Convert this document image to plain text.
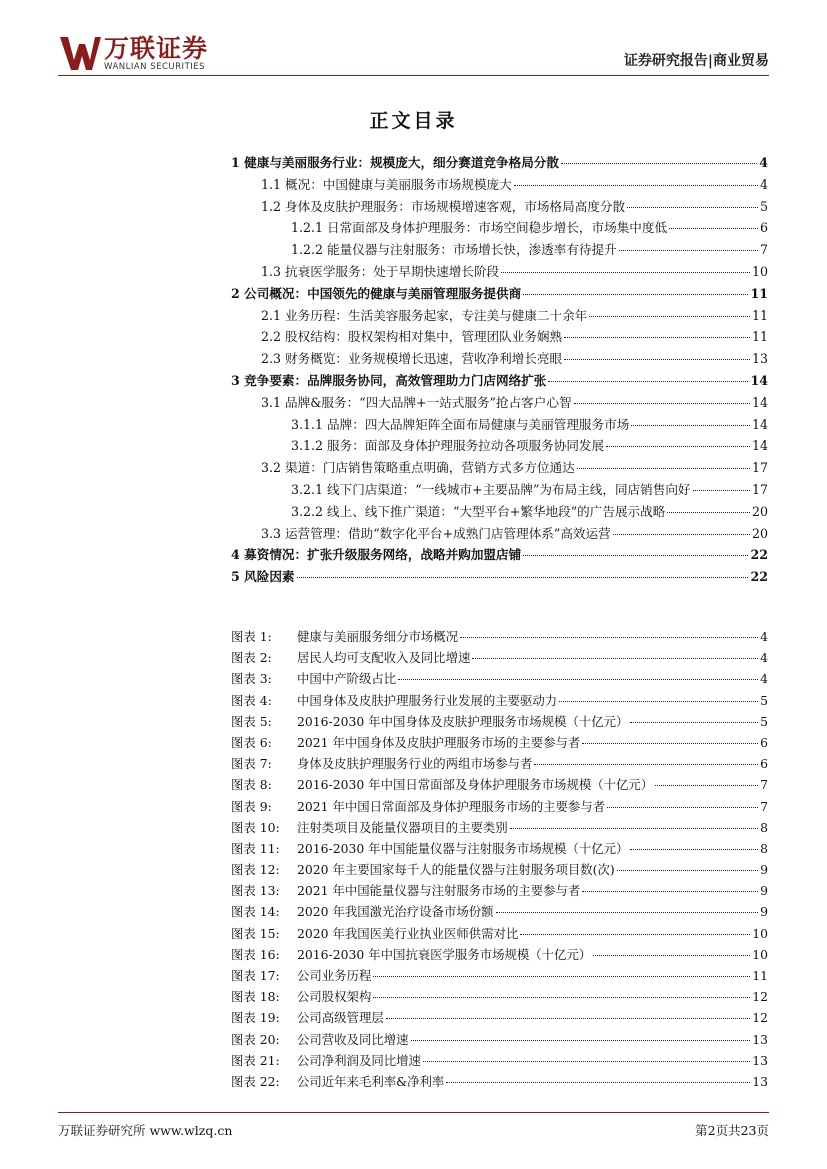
万联证券
WANLIAN SECURITIES	证券研究报告|商业贸易
正文目录
1 健康与美丽服务行业：规模庞大，细分赛道竞争格局分散	4
1.1 概况：中国健康与美丽服务市场规模庞大	4
1.2 身体及皮肤护理服务：市场规模增速客观，市场格局高度分散	5
1.2.1 日常面部及身体护理服务：市场空间稳步增长，市场集中度低	6
1.2.2 能量仪器与注射服务：市场增长快，渗透率有待提升	7
1.3 抗衰医学服务：处于早期快速增长阶段	10
2 公司概况：中国领先的健康与美丽管理服务提供商	11
2.1 业务历程：生活美容服务起家，专注美与健康二十余年	11
2.2 股权结构：股权架构相对集中，管理团队业务娴熟	11
2.3 财务概览：业务规模增长迅速，营收净利增长亮眼	13
3 竞争要素：品牌服务协同，高效管理助力门店网络扩张	14
3.1 品牌&服务：“四大品牌+一站式服务”抢占客户心智	14
3.1.1 品牌：四大品牌矩阵全面布局健康与美丽管理服务市场	14
3.1.2 服务：面部及身体护理服务拉动各项服务协同发展	14
3.2 渠道：门店销售策略重点明确，营销方式多方位通达	17
3.2.1 线下门店渠道：“一线城市+主要品牌”为布局主线，同店销售向好	17
3.2.2 线上、线下推广渠道：“大型平台+繁华地段”的广告展示战略	20
3.3 运营管理：借助“数字化平台+成熟门店管理体系”高效运营	20
4 募资情况：扩张升级服务网络，战略并购加盟店铺	22
5 风险因素	22
图表 1:	健康与美丽服务细分市场概况	4
图表 2:	居民人均可支配收入及同比增速	4
图表 3:	中国中产阶级占比	4
图表 4:	中国身体及皮肤护理服务行业发展的主要驱动力	5
图表 5:	2016-2030 年中国身体及皮肤护理服务市场规模（十亿元）	5
图表 6:	2021 年中国身体及皮肤护理服务市场的主要参与者	6
图表 7:	身体及皮肤护理服务行业的两组市场参与者	6
图表 8:	2016-2030 年中国日常面部及身体护理服务市场规模（十亿元）	7
图表 9:	2021 年中国日常面部及身体护理服务市场的主要参与者	7
图表 10:	注射类项目及能量仪器项目的主要类别	8
图表 11:	2016-2030 年中国能量仪器与注射服务市场规模（十亿元）	8
图表 12:	2020 年主要国家每千人的能量仪器与注射服务项目数(次)	9
图表 13:	2021 年中国能量仪器与注射服务市场的主要参与者	9
图表 14:	2020 年我国激光治疗设备市场份额	9
图表 15:	2020 年我国医美行业执业医师供需对比	10
图表 16:	2016-2030 年中国抗衰医学服务市场规模（十亿元）	10
图表 17:	公司业务历程	11
图表 18:	公司股权架构	12
图表 19:	公司高级管理层	12
图表 20:	公司营收及同比增速	13
图表 21:	公司净利润及同比增速	13
图表 22:	公司近年来毛利率&净利率	13
万联证券研究所 www.wlzq.cn	第2页共23页
